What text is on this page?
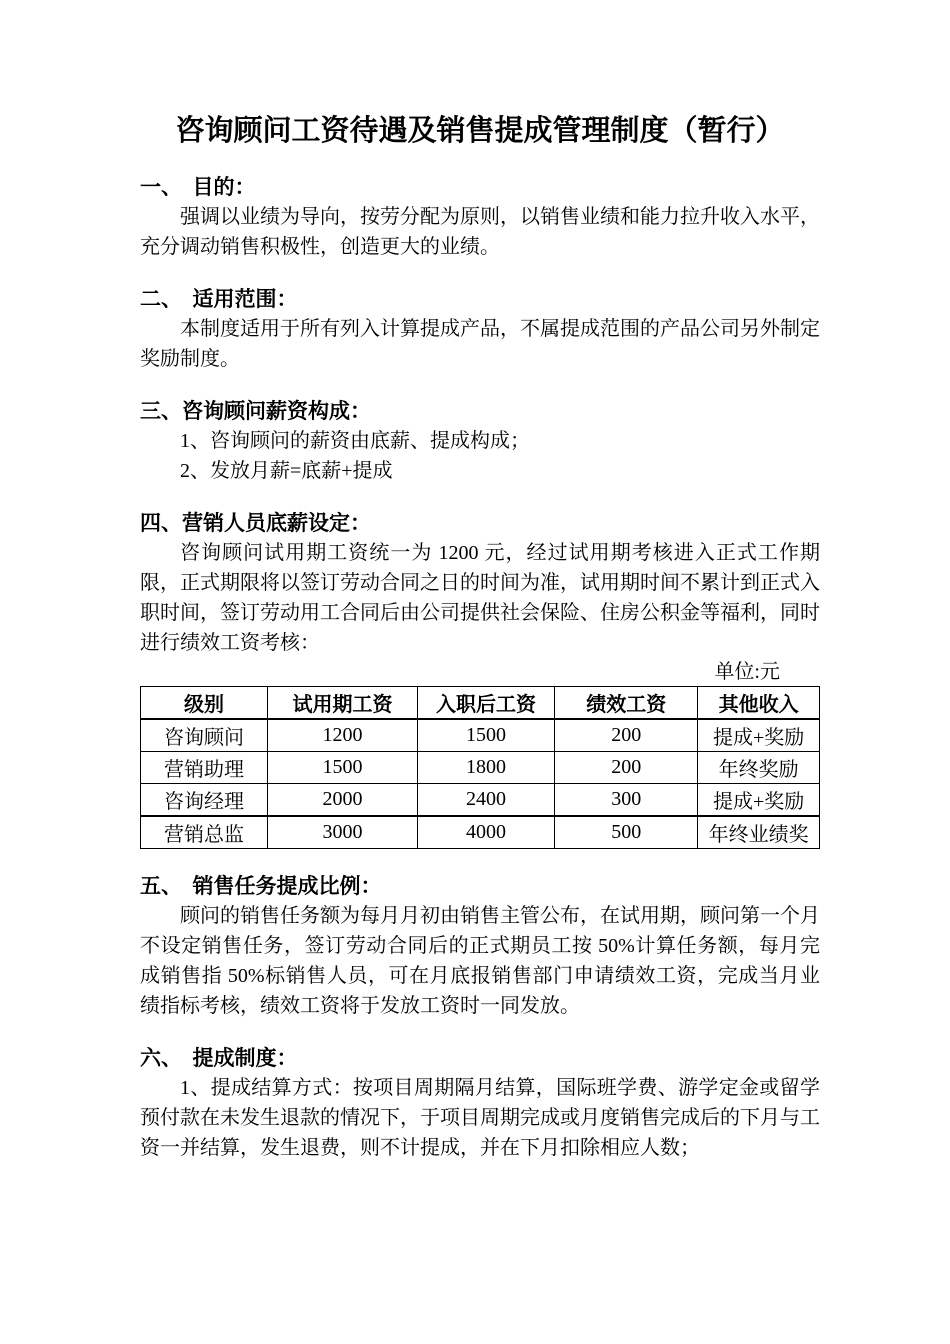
咨询顾问工资待遇及销售提成管理制度（暂行）
一、　目的：
强调以业绩为导向，按劳分配为原则，以销售业绩和能力拉升收入水平，充分调动销售积极性，创造更大的业绩。
二、　适用范围：
本制度适用于所有列入计算提成产品，不属提成范围的产品公司另外制定奖励制度。
三、咨询顾问薪资构成：
1、咨询顾问的薪资由底薪、提成构成；
2、发放月薪=底薪+提成
四、营销人员底薪设定：
咨询顾问试用期工资统一为 1200 元，经过试用期考核进入正式工作期限，正式期限将以签订劳动合同之日的时间为准，试用期时间不累计到正式入职时间，签订劳动用工合同后由公司提供社会保险、住房公积金等福利，同时进行绩效工资考核：
单位:元
级别	试用期工资	入职后工资	绩效工资	其他收入
咨询顾问	1200	1500	200	提成+奖励
营销助理	1500	1800	200	年终奖励
咨询经理	2000	2400	300	提成+奖励
营销总监	3000	4000	500	年终业绩奖
五、　销售任务提成比例：
顾问的销售任务额为每月月初由销售主管公布，在试用期，顾问第一个月不设定销售任务，签订劳动合同后的正式期员工按 50%计算任务额，每月完成销售指 50%标销售人员，可在月底报销售部门申请绩效工资，完成当月业绩指标考核，绩效工资将于发放工资时一同发放。
六、　提成制度：
1、提成结算方式：按项目周期隔月结算，国际班学费、游学定金或留学预付款在未发生退款的情况下，于项目周期完成或月度销售完成后的下月与工资一并结算，发生退费，则不计提成，并在下月扣除相应人数；
